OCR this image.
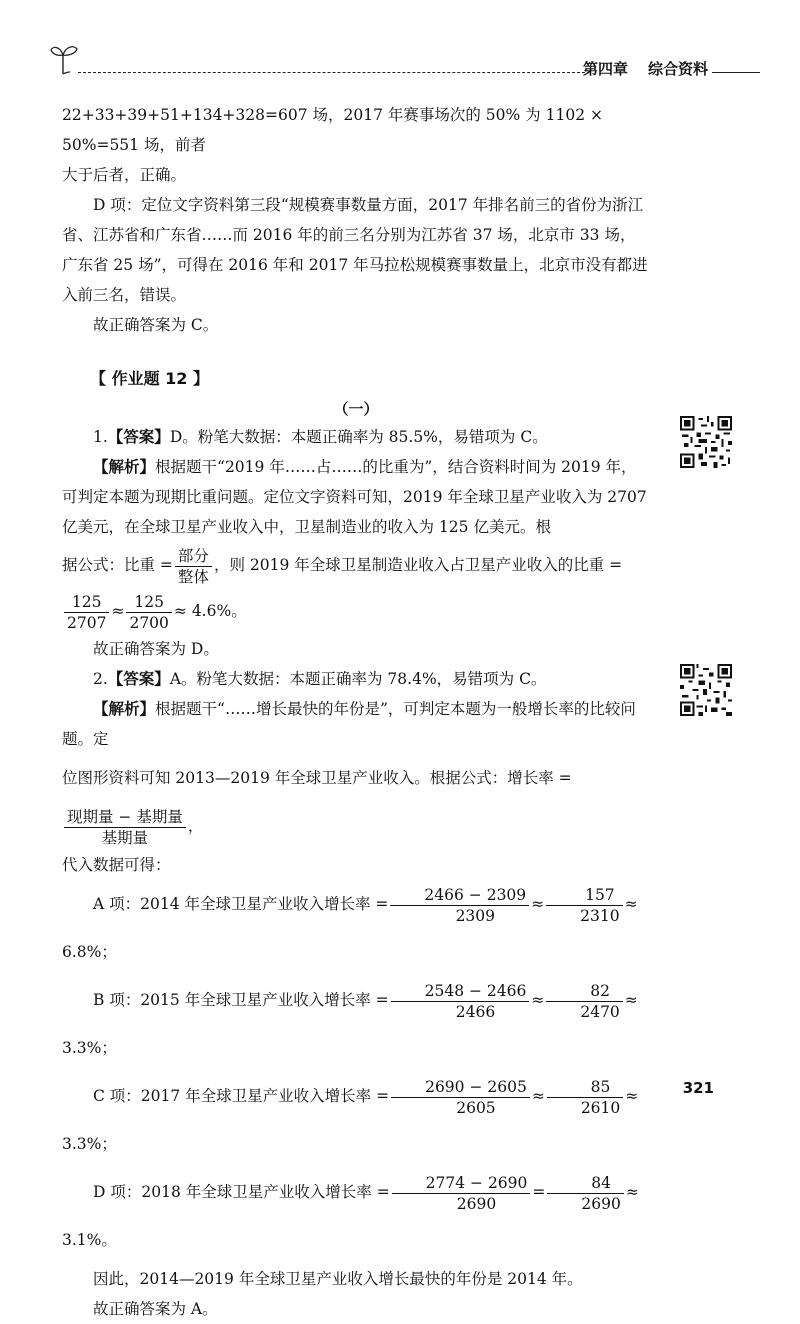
第四章 综合资料

22+33+39+51+134+328=607 场，2017 年赛事场次的 50% 为 1102 × 50%=551 场，前者

大于后者，正确。

D 项：定位文字资料第三段“规模赛事数量方面，2017 年排名前三的省份为浙江省、江苏省和广东省……而 2016 年的前三名分别为江苏省 37 场，北京市 33 场，广东省 25 场”，可得在 2016 年和 2017 年马拉松规模赛事数量上，北京市没有都进入前三名，错误。

故正确答案为 C。

【 作业题 12 】

（一）

1.【答案】D。粉笔大数据：本题正确率为 85.5%，易错项为 C。

【解析】根据题干“2019 年……占……的比重为”，结合资料时间为 2019 年，可判定本题为现期比重问题。定位文字资料可知，2019 年全球卫星产业收入为 2707 亿美元，在全球卫星产业收入中，卫星制造业的收入为 125 亿美元。根

据公式：比重 = $\frac{\text{部分}}{\text{整体}}$ ，则 2019 年全球卫星制造业收入占卫星产业收入的比重 =

$\frac{125}{2707} \approx \frac{125}{2700} \approx 4.6\%$。

故正确答案为 D。

2.【答案】A。粉笔大数据：本题正确率为 78.4%，易错项为 C。

【解析】根据题干“……增长最快的年份是”，可判定本题为一般增长率的比较问题。定

位图形资料可知 2013—2019 年全球卫星产业收入。根据公式：增长率 =
$\frac{\text{现期量 − 基期量}}{\text{基期量}}$ ，

代入数据可得：

A 项：2014 年全球卫星产业收入增长率 = $\frac{2466 - 2309}{2309} \approx \frac{157}{2310} \approx 6.8\%$；

B 项：2015 年全球卫星产业收入增长率 = $\frac{2548 - 2466}{2466} \approx \frac{82}{2470} \approx 3.3\%$；

C 项：2017 年全球卫星产业收入增长率 = $\frac{2690 - 2605}{2605} \approx \frac{85}{2610} \approx 3.3\%$；

D 项：2018 年全球卫星产业收入增长率 = $\frac{2774 - 2690}{2690} = \frac{84}{2690} \approx 3.1\%$。

因此，2014—2019 年全球卫星产业收入增长最快的年份是 2014 年。

故正确答案为 A。

321
